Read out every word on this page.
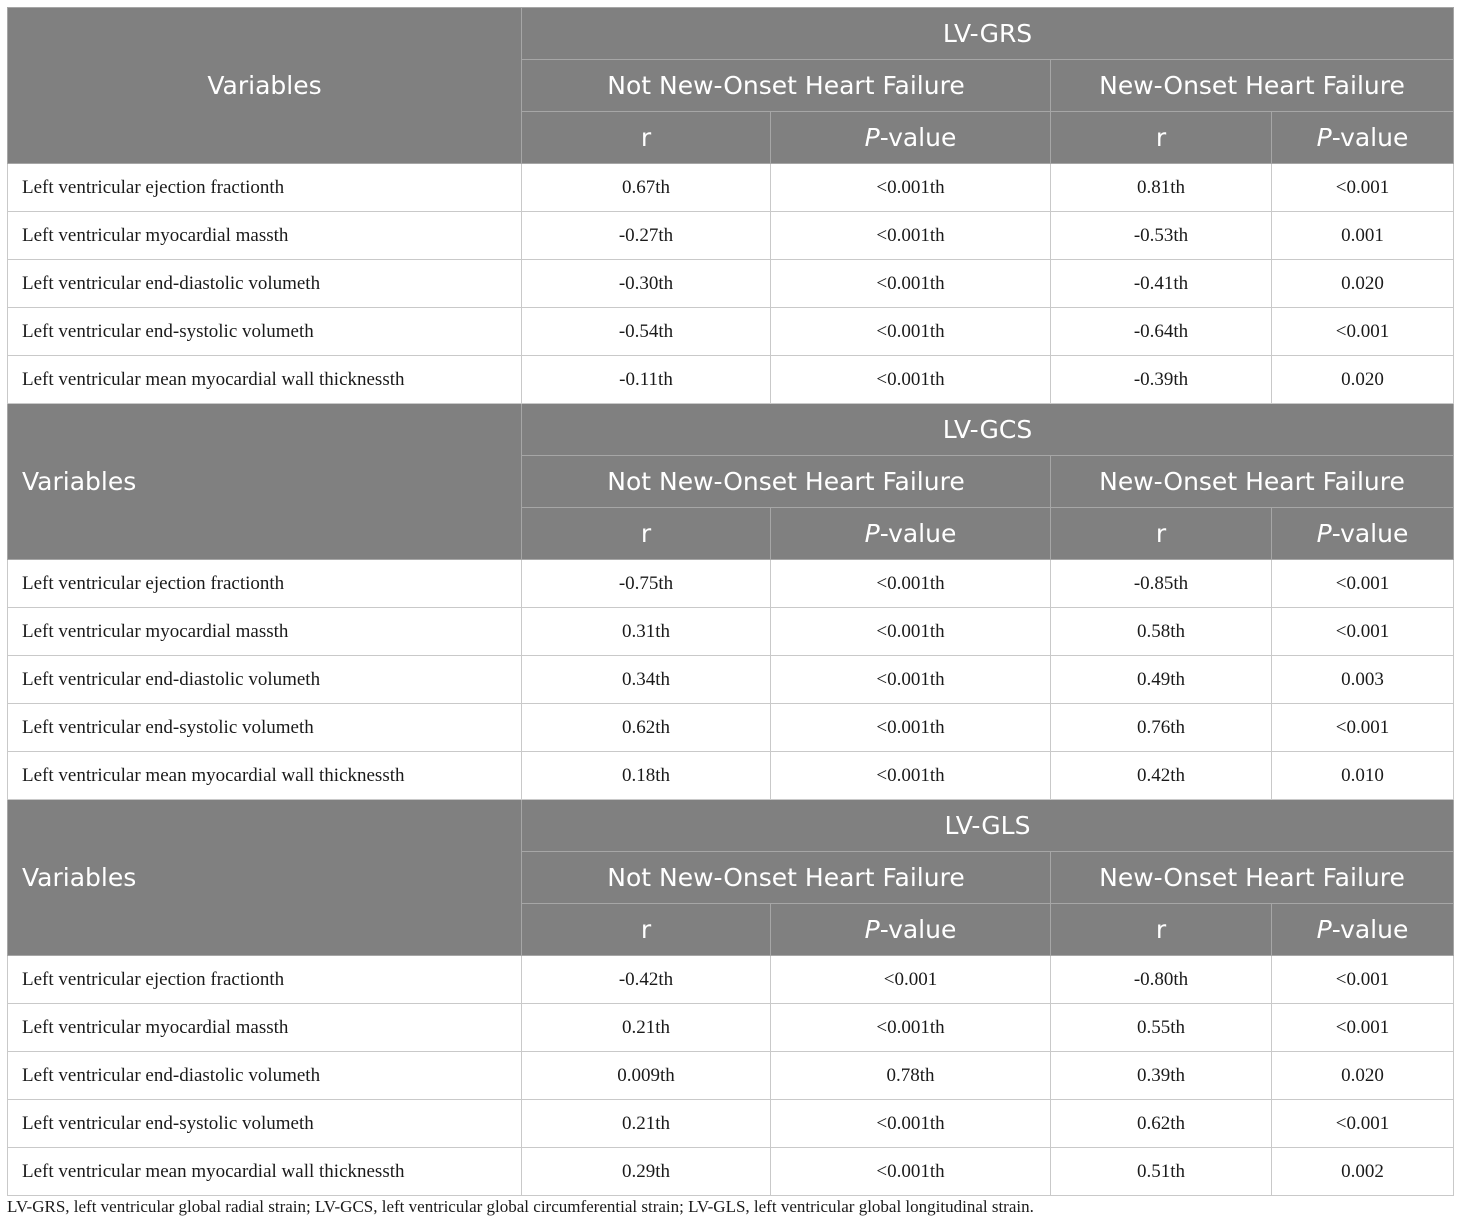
Variables	LV-GRS			
	Not New-Onset Heart Failure		New-Onset Heart Failure	
	r	P-value	r	P-value
Left ventricular ejection fractionth	0.67th	<0.001th	0.81th	<0.001
Left ventricular myocardial massth	-0.27th	<0.001th	-0.53th	0.001
Left ventricular end-diastolic volumeth	-0.30th	<0.001th	-0.41th	0.020
Left ventricular end-systolic volumeth	-0.54th	<0.001th	-0.64th	<0.001
Left ventricular mean myocardial wall thicknessth	-0.11th	<0.001th	-0.39th	0.020
Variables	LV-GCS			
	Not New-Onset Heart Failure		New-Onset Heart Failure	
	r	P-value	r	P-value
Left ventricular ejection fractionth	-0.75th	<0.001th	-0.85th	<0.001
Left ventricular myocardial massth	0.31th	<0.001th	0.58th	<0.001
Left ventricular end-diastolic volumeth	0.34th	<0.001th	0.49th	0.003
Left ventricular end-systolic volumeth	0.62th	<0.001th	0.76th	<0.001
Left ventricular mean myocardial wall thicknessth	0.18th	<0.001th	0.42th	0.010
Variables	LV-GLS			
	Not New-Onset Heart Failure		New-Onset Heart Failure	
	r	P-value	r	P-value
Left ventricular ejection fractionth	-0.42th	<0.001	-0.80th	<0.001
Left ventricular myocardial massth	0.21th	<0.001th	0.55th	<0.001
Left ventricular end-diastolic volumeth	0.009th	0.78th	0.39th	0.020
Left ventricular end-systolic volumeth	0.21th	<0.001th	0.62th	<0.001
Left ventricular mean myocardial wall thicknessth	0.29th	<0.001th	0.51th	0.002
LV-GRS, left ventricular global radial strain; LV-GCS, left ventricular global circumferential strain; LV-GLS, left ventricular global longitudinal strain.
